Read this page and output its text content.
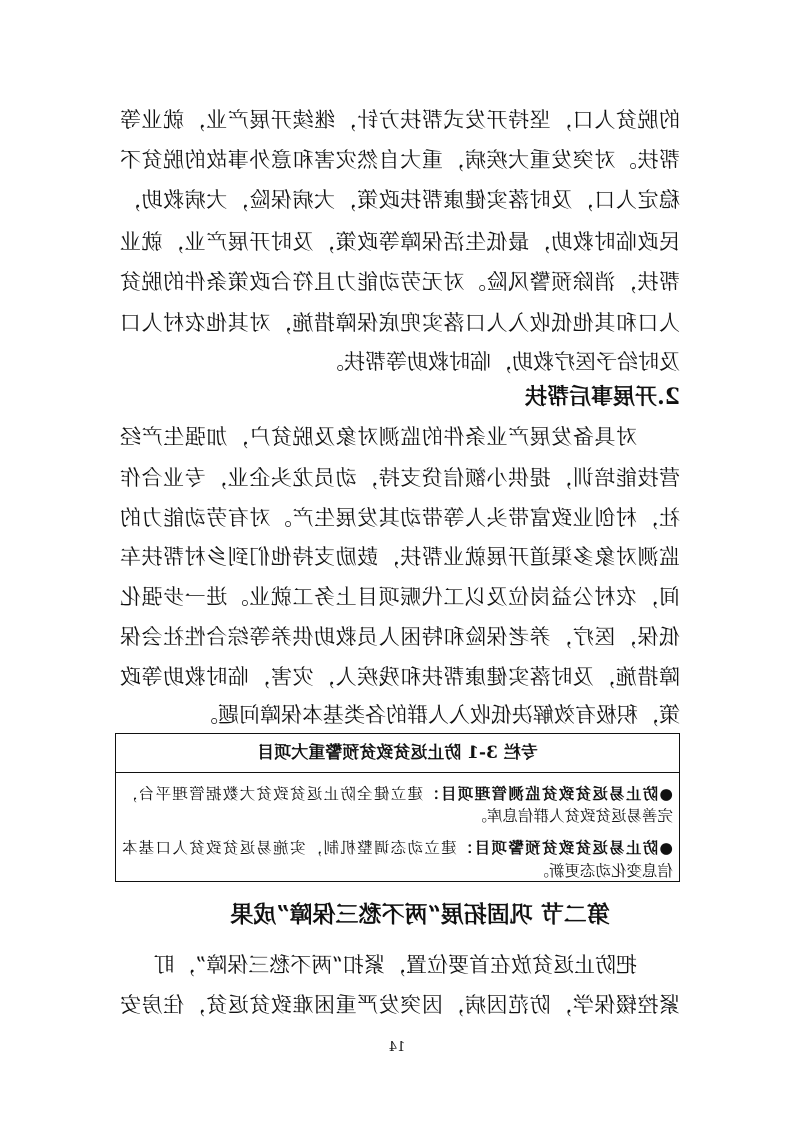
的脱贫人口，坚持开发式帮扶方针，继续开展产业，就业等
帮扶。对突发重大疾病，重大自然灾害和意外事故的脱贫不
稳定人口，及时落实健康帮扶政策，大病保险，大病救助，
民政临时救助，最低生活保障等政策，及时开展产业，就业
帮扶，消除预警风险。对无劳动能力且符合政策条件的脱贫
人口和其他低收入人口落实兜底保障措施，对其他农村人口
及时给予医疗救助，临时救助等帮扶。
2.开展事后帮扶
对具备发展产业条件的监测对象及脱贫户，加强生产经
营技能培训，提供小额信贷支持，动员龙头企业，专业合作
社，村创业致富带头人等带动其发展生产。对有劳动能力的
监测对象多渠道开展就业帮扶，鼓励支持他们到乡村帮扶车
间，农村公益岗位及以工代赈项目上务工就业。进一步强化
低保，医疗，养老保险和特困人员救助供养等综合性社会保
障措施，及时落实健康帮扶和残疾人，灾害，临时救助等政
策，积极有效解决低收入人群的各类基本保障问题。
专栏 3-1 防止返贫致贫预警重大项目
●防止易返贫致贫监测管理项目：建立健全防止返贫致贫大数据管理平台，
完善易返贫致贫人群信息库。
●防止易返贫致贫预警项目：建立动态调整机制，实施易返贫致贫人口基本
信息变化动态更新。
第二节 巩固拓展“两不愁三保障”成果
把防止返贫放在首要位置，紧扣“两不愁三保障”，盯
紧控辍保学，防范因病，因突发严重困难致贫返贫，住房安
14
